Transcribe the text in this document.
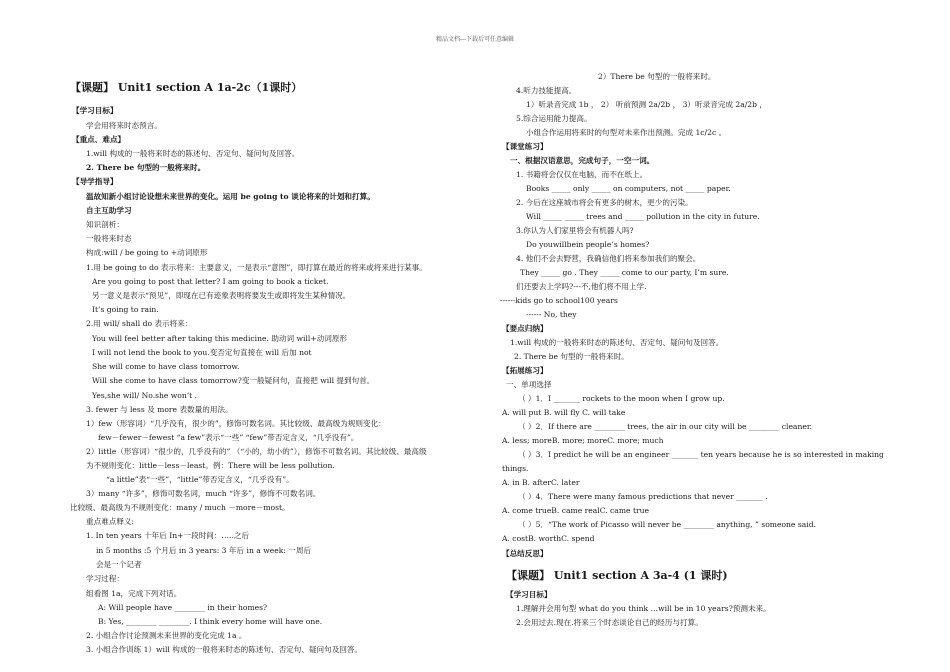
精品文档---下载后可任意编辑
【课题】 Unit1 section A 1a-2c（1课时）
【学习目标】
学会用将来时态预言。
【重点、难点】
1.will 构成的一般将来时态的陈述句、否定句、疑问句及回答。
2. There be 句型的一般将来时。
【导学指导】
温故知新小组讨论设想未来世界的变化。运用 be going to 谈论将来的计划和打算。
自主互助学习
知识剖析：
一般将来时态
构成:will / be going to +动词原形
1.用 be going to do 表示将来：主要意义，一是表示“意图”，即打算在最近的将来或将来进行某事。
Are you going to post that letter? I am going to book a ticket.
另一意义是表示“预见”，即现在已有迹象表明将要发生或即将发生某种情况。
It’s going to rain.
2.用 will/ shall do 表示将来：
You will feel better after taking this medicine. 助动词 will+动词原形
I will not lend the book to you.变否定句直接在 will 后加 not
She will come to have class tomorrow.
Will she come to have class tomorrow?变一般疑问句，直接把 will 提到句首。
Yes,she will/ No.she won’t .
3. fewer 与 less 及 more 表数量的用法。
1）few（形容词）“几乎没有，很少的”，修饰可数名词。其比较级、最高级为规则变化：
few－fewer－fewest “a few”表示“一些” “few”带否定含义，“几乎没有”。
2）little（形容词）“很少的，几乎没有的” （“小的，幼小的”），修饰不可数名词。其比较级、最高级
为不规则变化：little－less－least。例：There will be less pollution.
“a little”表“一些”，“little”带否定含义，“几乎没有”。
3）many “许多”，修饰可数名词，much “许多”，修饰不可数名词。
比较级、最高级为不规则变化：many / much －more－most。
重点难点释义:
1. In ten years 十年后 In+一段时间：…..之后
in 5 months :5 个月后 in 3 years: 3 年后 in a week: 一周后
会是一个记者
学习过程：
组看图 1a，完成下列对话。
A: Will people have ________ in their homes?
B: Yes, ________ ________. I think every home will have one.
2. 小组合作讨论预测未来世界的变化完成 1a 。
3. 小组合作训练 1）will 构成的一般将来时态的陈述句、否定句、疑问句及回答。
【课题】 Unit1 section A 3a-4 (1 课时)
2）There be 句型的一般将来时。
4.听力技能提高。
1）听录音完成 1b ， 2） 听前预测 2a/2b ， 3）听录音完成 2a/2b ，
5.综合运用能力提高。
小组合作运用将来时的句型对未来作出预测。完成 1c/2c 。
【课堂练习】
一、根据汉语意思，完成句子，一空一词。
1. 书籍将会仅仅在电脑，而不在纸上。
Books _____ only _____ on computers, not _____ paper.
2. 今后在这座城市将会有更多的树木，更少的污染。
Will _____ _____ trees and _____ pollution in the city in future.
3.你认为人们家里将会有机器人吗?
Do youwillbein people’s homes?
4. 他们不会去野营，我确信他们将来参加我们的聚会。
They _____ go . They _____ come to our party, I’m sure.
们还要去上学吗?---不,他们将不用上学.
------kids go to school100 years
------ No, they
【要点归纳】
1.will 构成的一般将来时态的陈述句、否定句、疑问句及回答。
2. There be 句型的一般将来时。
【拓展练习】
一、单项选择
（ ）1．I _______ rockets to the moon when I grow up.
A. will put B. will fly C. will take
（ ）2．If there are ________ trees, the air in our city will be ________ cleaner.
A. less; moreB. more; moreC. more; much
（ ）3．I predict he will be an engineer _______ ten years because he is so interested in making
things.
A. in B. afterC. later
（ ）4．There were many famous predictions that never _______ .
A. come trueB. came realC. came true
（ ）5．“The work of Picasso will never be ________ anything, ” someone said.
A. costB. worthC. spend
【总结反思】
【学习目标】
1.理解并会用句型 what do you think …will be in 10 years?预测未来。
2.会用过去.现在.将来三个时态谈论自己的经历与打算。
